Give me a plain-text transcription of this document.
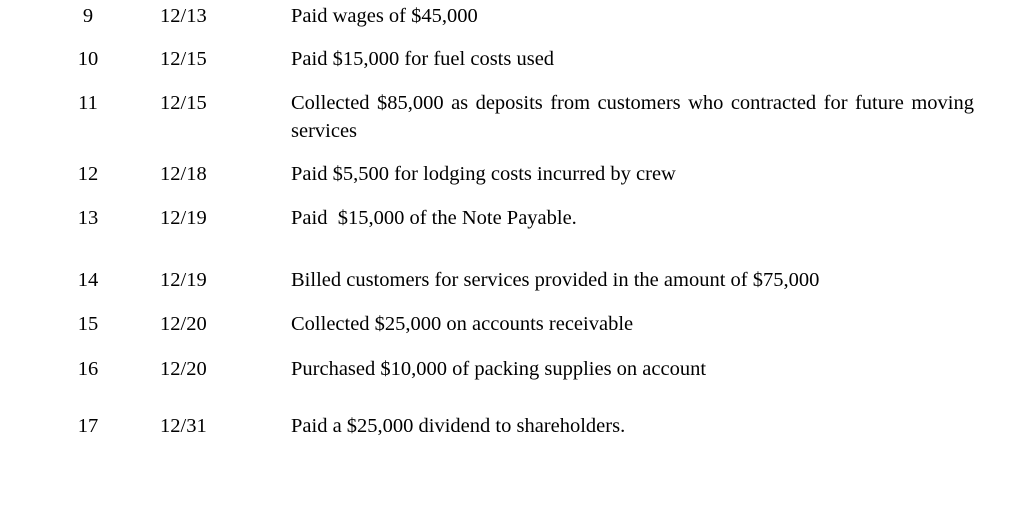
9	12/13	Paid wages of $45,000
10	12/15	Paid $15,000 for fuel costs used
11	12/15	Collected $85,000 as deposits from customers who contracted for future moving services
12	12/18	Paid $5,500 for lodging costs incurred by crew
13	12/19	Paid  $15,000 of the Note Payable.
14	12/19	Billed customers for services provided in the amount of $75,000
15	12/20	Collected $25,000 on accounts receivable
16	12/20	Purchased $10,000 of packing supplies on account
17	12/31	Paid a $25,000 dividend to shareholders.
